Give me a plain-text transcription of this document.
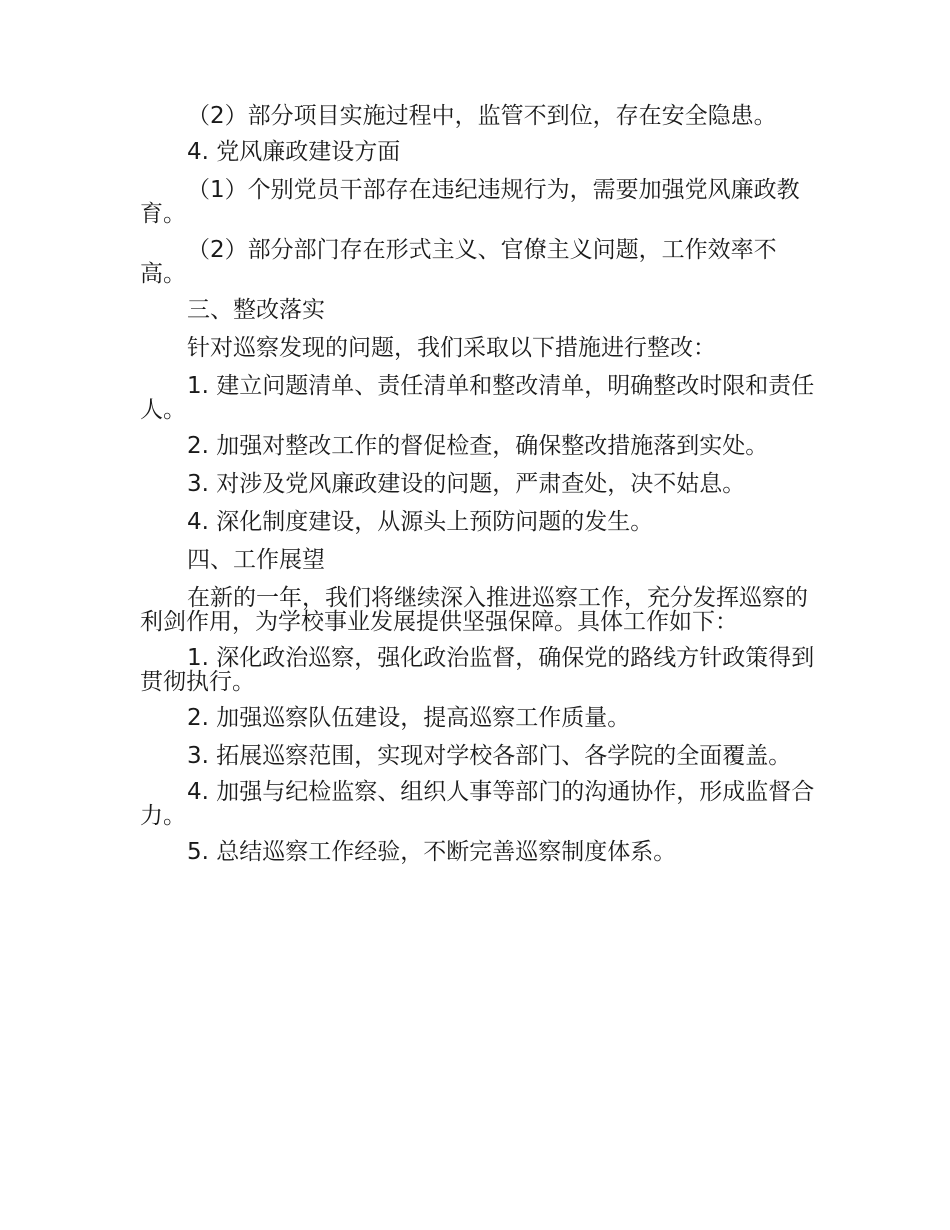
（2）部分项目实施过程中，监管不到位，存在安全隐患。

4. 党风廉政建设方面

（1）个别党员干部存在违纪违规行为，需要加强党风廉政教育。

（2）部分部门存在形式主义、官僚主义问题，工作效率不高。

三、整改落实

针对巡察发现的问题，我们采取以下措施进行整改：

1. 建立问题清单、责任清单和整改清单，明确整改时限和责任人。

2. 加强对整改工作的督促检查，确保整改措施落到实处。

3. 对涉及党风廉政建设的问题，严肃查处，决不姑息。

4. 深化制度建设，从源头上预防问题的发生。

四、工作展望

在新的一年，我们将继续深入推进巡察工作，充分发挥巡察的利剑作用，为学校事业发展提供坚强保障。具体工作如下：

1. 深化政治巡察，强化政治监督，确保党的路线方针政策得到贯彻执行。

2. 加强巡察队伍建设，提高巡察工作质量。

3. 拓展巡察范围，实现对学校各部门、各学院的全面覆盖。

4. 加强与纪检监察、组织人事等部门的沟通协作，形成监督合力。

5. 总结巡察工作经验，不断完善巡察制度体系。
